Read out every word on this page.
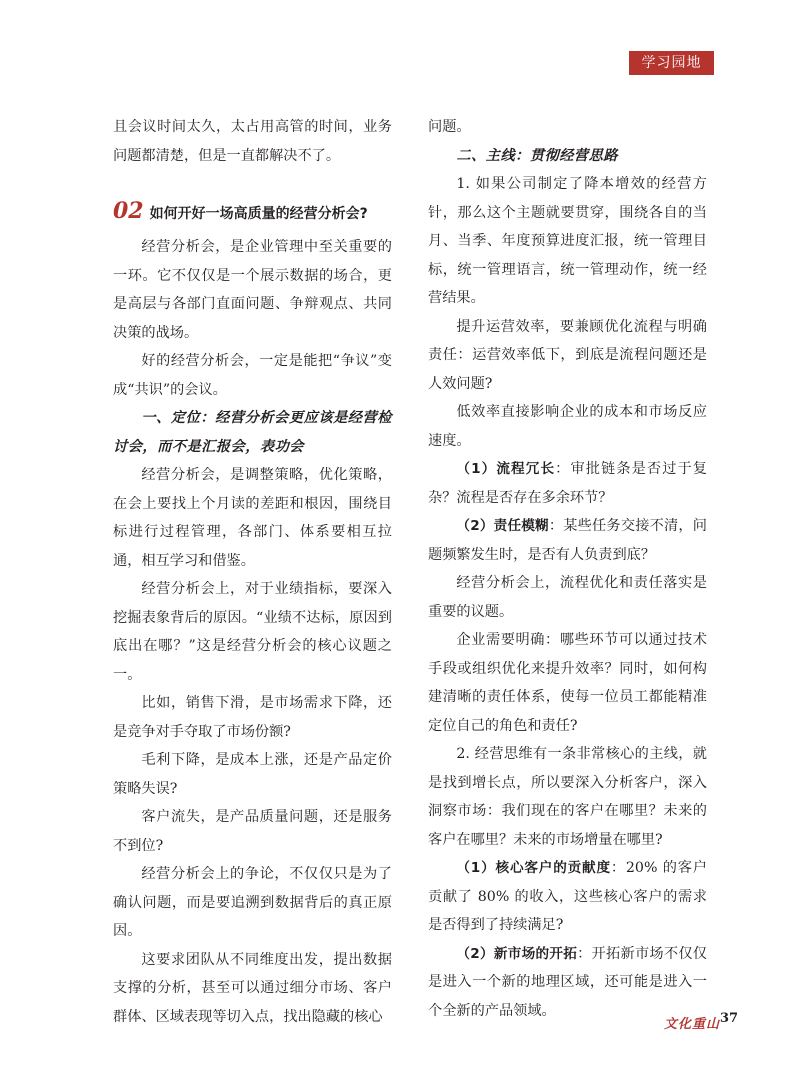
学习园地

且会议时间太久，太占用高管的时间，业务问题都清楚，但是一直都解决不了。

02 如何开好一场高质量的经营分析会?

经营分析会，是企业管理中至关重要的一环。它不仅仅是一个展示数据的场合，更是高层与各部门直面问题、争辩观点、共同决策的战场。

好的经营分析会，一定是能把“争议”变成“共识”的会议。

一、定位：经营分析会更应该是经营检讨会，而不是汇报会，表功会

经营分析会，是调整策略，优化策略，在会上要找上个月读的差距和根因，围绕目标进行过程管理，各部门、体系要相互拉通，相互学习和借鉴。

经营分析会上，对于业绩指标，要深入挖掘表象背后的原因。“业绩不达标，原因到底出在哪？”这是经营分析会的核心议题之一。

比如，销售下滑，是市场需求下降，还是竞争对手夺取了市场份额?

毛利下降，是成本上涨，还是产品定价策略失误?

客户流失，是产品质量问题，还是服务不到位?

经营分析会上的争论，不仅仅只是为了确认问题，而是要追溯到数据背后的真正原因。

这要求团队从不同维度出发，提出数据支撑的分析，甚至可以通过细分市场、客户群体、区域表现等切入点，找出隐藏的核心

问题。

二、主线：贯彻经营思路

1. 如果公司制定了降本增效的经营方针，那么这个主题就要贯穿，围绕各自的当月、当季、年度预算进度汇报，统一管理目标，统一管理语言，统一管理动作，统一经营结果。

提升运营效率，要兼顾优化流程与明确责任：运营效率低下，到底是流程问题还是人效问题?

低效率直接影响企业的成本和市场反应速度。

（1）流程冗长：审批链条是否过于复杂？流程是否存在多余环节？

（2）责任模糊：某些任务交接不清，问题频繁发生时，是否有人负责到底？

经营分析会上，流程优化和责任落实是重要的议题。

企业需要明确：哪些环节可以通过技术手段或组织优化来提升效率？同时，如何构建清晰的责任体系，使每一位员工都能精准定位自己的角色和责任?

2. 经营思维有一条非常核心的主线，就是找到增长点，所以要深入分析客户，深入洞察市场：我们现在的客户在哪里？未来的客户在哪里？未来的市场增量在哪里?

（1）核心客户的贡献度：20% 的客户贡献了 80% 的收入，这些核心客户的需求是否得到了持续满足?

（2）新市场的开拓：开拓新市场不仅仅是进入一个新的地理区域，还可能是进入一个全新的产品领域。

文化重山 37
